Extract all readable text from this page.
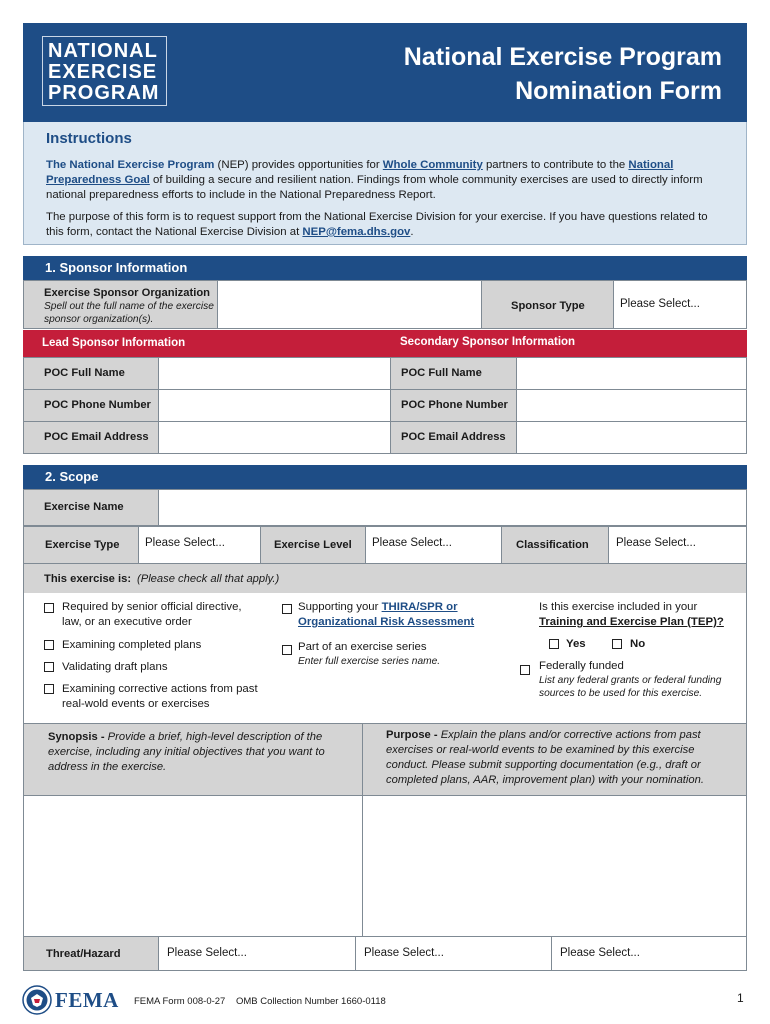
NATIONAL
EXERCISE
PROGRAM
National Exercise Program
Nomination Form
Instructions
The National Exercise Program (NEP) provides opportunities for Whole Community partners to contribute to the National Preparedness Goal of building a secure and resilient nation. Findings from whole community exercises are used to directly inform national preparedness efforts to include in the National Preparedness Report.
The purpose of this form is to request support from the National Exercise Division for your exercise. If you have questions related to this form, contact the National Exercise Division at NEP@fema.dhs.gov.
1. Sponsor Information
Exercise Sponsor Organization
Spell out the full name of the exercise sponsor organization(s).
Sponsor Type	Please Select...
Lead Sponsor Information	Secondary Sponsor Information
POC Full Name	POC Full Name
POC Phone Number	POC Phone Number
POC Email Address	POC Email Address
2. Scope
Exercise Name
Exercise Type Please Select...	Exercise Level Please Select...	Classification Please Select...
This exercise is: (Please check all that apply.)
Required by senior official directive, law, or an executive order
Examining completed plans
Validating draft plans
Examining corrective actions from past real-wold events or exercises
Supporting your THIRA/SPR or Organizational Risk Assessment
Part of an exercise series
Enter full exercise series name.
Is this exercise included in your
Training and Exercise Plan (TEP)?
Yes	No
Federally funded
List any federal grants or federal funding sources to be used for this exercise.
Synopsis - Provide a brief, high-level description of the exercise, including any initial objectives that you want to address in the exercise.
Purpose - Explain the plans and/or corrective actions from past exercises or real-world events to be examined by this exercise conduct. Please submit supporting documentation (e.g., draft or completed plans, AAR, improvement plan) with your nomination.
Threat/Hazard	Please Select...	Please Select...	Please Select...
FEMA FEMA Form 008-0-27 OMB Collection Number 1660-0118	1
